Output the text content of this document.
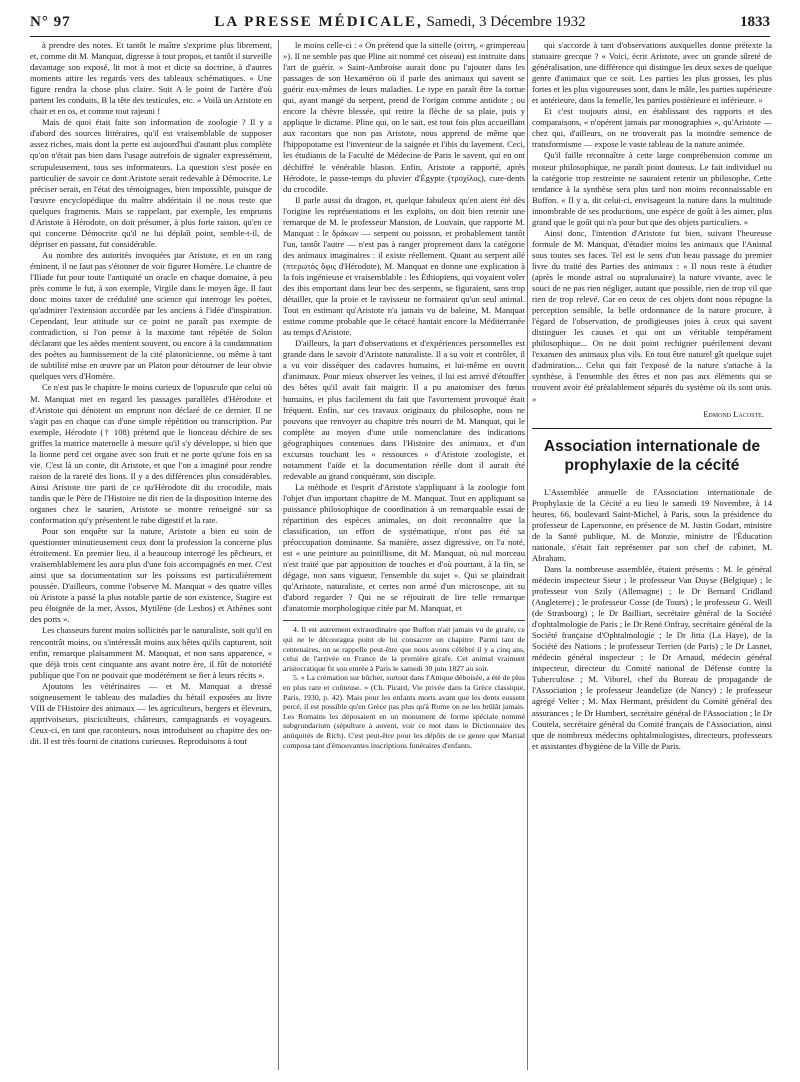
N° 97	LA PRESSE MÉDICALE, Samedi, 3 Décembre 1932	1833

à prendre des notes. Et tantôt le maître s'exprime plus librement, et, comme dit M. Manquat, digresse à tout propos, et tantôt il surveille davantage son exposé, lit mot à mot et dicte sa doctrine, à d'autres moments attire les regards vers des tableaux schématiques. « Une figure rendra la chose plus claire. Soit A le point de l'artère d'où partent les conduits, B la tête des testicules, etc. » Voilà un Aristote en chair et en os, et comme tout rajeuni !

Mais de quoi était faite son information de zoologie ? Il y a d'abord des sources littéraires, qu'il est vraisemblable de supposer assez riches, mais dont la perte est aujourd'hui d'autant plus complète qu'on n'était pas bien dans l'usage autrefois de signaler expressément, scrupuleusement, tous ses informateurs. La question s'est posée en particulier de savoir ce dont Aristote serait redevable à Démocrite. Le préciser serait, en l'état des témoignages, bien impossible, puisque de l'œuvre encyclopédique du maître abdéritain il ne nous reste que quelques fragments. Mais se rappelant, par exemple, les emprunts d'Aristote à Hérodote, on doit présumer, à plus forte raison, qu'en ce qui concerne Démocrite qu'il ne lui déplaît point, semble-t-il, de dépriser en passant, fut considérable.

Au nombre des autorités invoquées par Aristote, et en un rang éminent, il ne faut pas s'étonner de voir figurer Homère. Le chantre de l'Iliade fut pour toute l'antiquité un oracle en chaque domaine, à peu près comme le fut, à son exemple, Virgile dans le moyen âge. Il faut donc moins taxer de crédulité une science qui interroge les poètes, qu'admirer l'extension accordée par les anciens à l'idée d'inspiration. Cependant, leur attitude sur ce point ne paraît pas exempte de contradiction, si l'on pense à la maxime tant répétée de Solon déclarant que les aèdes mentent souvent, ou encore à la condamnation des poètes au bannissement de la cité platonicienne, ou même à tant de subtilité mise en œuvre par un Platon pour détourner de leur obvie quelques vers d'Homère.

Ce n'est pas le chapitre le moins curieux de l'opuscule que celui où M. Manquat met en regard les passages parallèles d'Hérodote et d'Aristote qui dénotent un emprunt non déclaré de ce dernier. Il ne s'agit pas en chaque cas d'une simple répétition ou transcription. Par exemple, Hérodote († 108) prétend que le lionceau déchire de ses griffes la matrice maternelle à mesure qu'il s'y développe, si bien que la lionne perd cet organe avec son fruit et ne porte qu'une fois en sa vie. C'est là un conte, dit Aristote, et que l'on a imaginé pour rendre raison de la rareté des lions. Il y a des différences plus considérables. Ainsi Aristote tire parti de ce qu'Hérodote dit du crocodile, mais tandis que le Père de l'Histoire ne dit rien de la disposition interne des organes chez le saurien, Aristote se montre renseigné sur sa conformation qu'y présentent le tube digestif et la rate.

Pour son enquête sur la nature, Aristote a bien eu soin de questionner minutieusement ceux dont la profession la concerne plus étroitement. En premier lieu, il a beaucoup interrogé les pêcheurs, et vraisemblablement les aura plus d'une fois accompagnés en mer. C'est ainsi que sa documentation sur les poissons est particulièrement poussée. D'ailleurs, comme l'observe M. Manquat « des quatre villes où Aristote a passé la plus notable partie de son existence, Stagire est peu éloignée de la mer, Assos, Mytilène (de Lesbos) et Athènes sont des ports ».

Les chasseurs furent moins sollicités par le naturaliste, soit qu'il en rencontrât moins, ou s'intéressât moins aux bêtes qu'ils capturent, soit enfin, remarque plaisamment M. Manquat, et non sans apparence, « que déjà trois cent cinquante ans avant notre ère, il fût de notoriété publique que l'on ne pouvait que modérément se fier à leurs récits ».

Ajoutons les vétérinaires — et M. Manquat a dressé soigneusement le tableau des maladies du bétail exposées au livre VIII de l'Histoire des animaux — les agriculteurs, bergers et éleveurs, apprivoiseurs, pisciculteurs, châtreurs, campagnards et voyageurs. Ceux-ci, en tant que raconteurs, nous introduisent au chapitre des on-dit. Il est très fourni de citations curieuses. Reproduisons à tout

le moins celle-ci : « On prétend que la sittelle (σίττη, « grimpereau »). Il ne semble pas que Pline ait nommé cet oiseau) est instruite dans l'art de guérir. » Saint-Ambroise aurait donc pu l'ajouter dans les passages de son Hexaméron où il parle des animaux qui savent se guérir eux-mêmes de leurs maladies. Le type en paraît être la tortue qui, ayant mangé du serpent, prend de l'origan comme antidote ; ou encore la chèvre blessée, qui retire la flèche de sa plaie, puis y applique le dictame. Pline qui, on le sait, est tout fois plus accueillant aux racontars que non pas Aristote, nous apprend de même que l'hippopotame est l'inventeur de la saignée et l'ibis du lavement. Ceci, les étudiants de la Faculté de Médecine de Paris le savent, qui en ont déchiffré le vénérable blason. Enfin, Aristote a rapporté, après Hérodote, le passe-temps du pluvier d'Égypte (τροχίλος), cure-dents du crocodile.

Il parle aussi du dragon, et, quelque fabuleux qu'en aient été dès l'origine les représentations et les exploits, on doit bien retenir une remarque de M. le professeur Mansion, de Louvain, que rapporte M. Manquat : le δράκων — serpent ou poisson, et probablement tantôt l'un, tantôt l'autre — n'est pas à ranger proprement dans la catégorie des animaux imaginaires : il existe réellement. Quant au serpent ailé (πτερωτὸς ὄφις d'Hérodote), M. Manquat en donne une explication à la fois ingénieuse et vraisemblable : les Éthiopiens, qui voyaient voler des ibis emportant dans leur bec des serpents, se figuraient, sans trop détailler, que la proie et le ravisseur ne formaient qu'un seul animal. Tout en estimant qu'Aristote n'a jamais vu de baleine, M. Manquat estime comme probable que le cétacé hantait encore la Méditerranée au temps d'Aristote.

D'ailleurs, la part d'observations et d'expériences personnelles est grande dans le savoir d'Aristote naturaliste. Il a su voir et contrôler, il a vu voir disséquer des cadavres humains, et lui-même en ouvrit d'animaux. Pour mieux observer les veines, il lui est arrivé d'étouffer des bêtes qu'il avait fait maigrir. Il a pu anatomiser des fœtus humains, et plus facilement du fait que l'avortement provoqué était fréquent. Enfin, sur ces travaux originaux du philosophe, nous ne pouvons que renvoyer au chapitre très nourri de M. Manquat, qui le complète au moyen d'une utile nomenclature des indications géographiques contenues dans l'Histoire des animaux, et d'un excursus touchant les « ressources » d'Aristote zoologiste, et notamment l'aide et la documentation réelle dont il aurait été redevable au grand conquérant, son disciple.

La méthode et l'esprit d'Aristote s'appliquant à la zoologie font l'objet d'un important chapitre de M. Manquat. Tout en appliquant sa puissance philosophique de coordination à un remarquable essai de répartition des espèces animales, on doit reconnaître que la classification, un effort de systématique, n'ont pas été sa préoccupation dominante. Sa manière, assez digressive, on l'a noté, est « une peinture au pointillisme, dit M. Manquat, où nul morceau n'est traité que par apposition de touches et d'où pourtant, à la fin, se dégage, non sans vigueur, l'ensemble du sujet ». Qui se plaindrait qu'Aristote, naturaliste, et certes non armé d'un microscope, ait su d'abord regarder ? Qui ne se réjouirait de lire telle remarque d'anatomie morphologique citée par M. Manquat, et

4. Il est autrement extraordinaire que Buffon n'ait jamais vu de girafe, ce qui ne le découragea point de lui consacrer un chapitre. Parmi tant de centenaires, on se rappelle peut-être que nous avons célébré il y a cinq ans, celui de l'arrivée en France de la première girafe. Cet animal vraiment aristocratique fit son entrée à Paris le samedi 30 juin 1827 au soir.

5. « La crémation sur bûcher, surtout dans l'Attique déboisée, a été de plus en plus rare et coûteuse. » (Ch. Picard, Vie privée dans la Grèce classique, Paris, 1930, p. 42). Mais pour les enfants morts avant que les dents eussent percé, il est possible qu'en Grèce pas plus qu'à Rome on ne les brûlât jamais. Les Romains les déposaient en un monument de forme spéciale nommé subgrundarium (sépulture à auvent, voir ce mot dans le Dictionnaire des antiquités de Rich). C'est peut-être pour les dépôts de ce genre que Martial composa tant d'émouvantes inscriptions funéraires d'enfants.

qui s'accorde à tant d'observations auxquelles donne prétexte la statuaire grecque ? « Voici, écrit Aristote, avec un grande sûreté de généralisation, une différence qui distingue les deux sexes de quelque genre d'animaux que ce soit. Les parties les plus grosses, les plus fortes et les plus vigoureuses sont, dans le mâle, les parties supérieure et antérieure, dans la femelle, les parties postérieure et inférieure. »

Et c'est toujours ainsi, en établissant des rapports et des comparaisons, « n'opérent jamais par monographies », qu'Aristote — chez qui, d'ailleurs, on ne trouverait pas la moindre semence de transformisme — expose le vaste tableau de la nature animée.

Qu'il faille reconnaître à cette large compréhension comme un moteur philosophique, ne paraît point douteux. Le fait individuel ou la catégorie trop restreinte ne sauraient retenir un philosophe. Cette tendance à la synthèse sera plus tard non moins reconnaissable en Buffon. « Il y a, dit celui-ci, envisageant la nature dans la multitude innombrable de ses productions, une espèce de goût à les aimer, plus grand que le goût qui n'a pour but que des objets particuliers. »

Ainsi donc, l'intention d'Aristote fut bien, suivant l'heureuse formule de M. Manquat, d'étudier moins les animaux que l'Animal sous toutes ses faces. Tel est le sens d'un beau passage du premier livre du traité des Parties des animaux : « Il nous reste à étudier (après le monde astral ou supralunaire) la nature vivante, avec le souci de ne pas rien négliger, autant que possible, rien de trop vil que rien de trop relevé. Car en ceux de ces objets dont nous répugne la perception sensible, la belle ordonnance de la nature procure, à l'égard de l'observation, de prodigieuses joies à ceux qui savent distinguer les causes et qui ont un véritable tempérament philosophique... On ne doit point rechigner puérilement devant l'examen des animaux plus vils. En tout être naturel gît quelque sujet d'admiration... Celui qui fait l'exposé de la nature s'attache à la synthèse, à l'ensemble des êtres et non pas aux éléments qui se trouvent avoir été préalablement séparés du système où ils sont unis. »

Edmond Lacoste.
Association internationale de prophylaxie de la cécité

L'Assemblée annuelle de l'Association internationale de Prophylaxie de la Cécité a eu lieu le samedi 19 Novembre, à 14 heures, 66, boulevard Saint-Michel, à Paris, sous la présidence du professeur de Lapersonne, en présence de M. Justin Godart, ministre de la Santé publique, M. de Monzie, ministre de l'Éducation nationale, s'était fait représenter par son chef de cabinet, M. Abraham.

Dans la nombreuse assemblée, étaient présents : M. le général médecin inspecteur Sieur ; le professeur Van Duyse (Belgique) ; le professeur von Szily (Allemagne) ; le Dr Bernard Cridland (Angleterre) ; le professeur Cosse (de Tours) ; le professeur G. Weill (de Strasbourg) ; le Dr Bailliart, secrétaire général de la Société d'ophtalmologie de Paris ; le Dr René Onfray, secrétaire général de la Société française d'Ophtalmologie ; le Dr Jitta (La Haye), de la Société des Nations ; le professeur Terrien (de Paris) ; le Dr Lasnet, médecin général inspecteur ; le Dr Arnaud, médecin général inspecteur, directeur du Comité national de Défense contre la Tuberculose ; M. Viborel, chef du Bureau de propagande de l'Association ; le professeur Jeandelize (de Nancy) ; le professeur agrégé Velter ; M. Max Hermant, président du Comité général des assurances ; le Dr Humbert, secrétaire général de l'Association ; le Dr Coutela, secrétaire général du Comité français de l'Association, ainsi que de nombreux médecins ophtalmologistes, directeurs, professeurs et assistantes d'hygiène de la Ville de Paris.
